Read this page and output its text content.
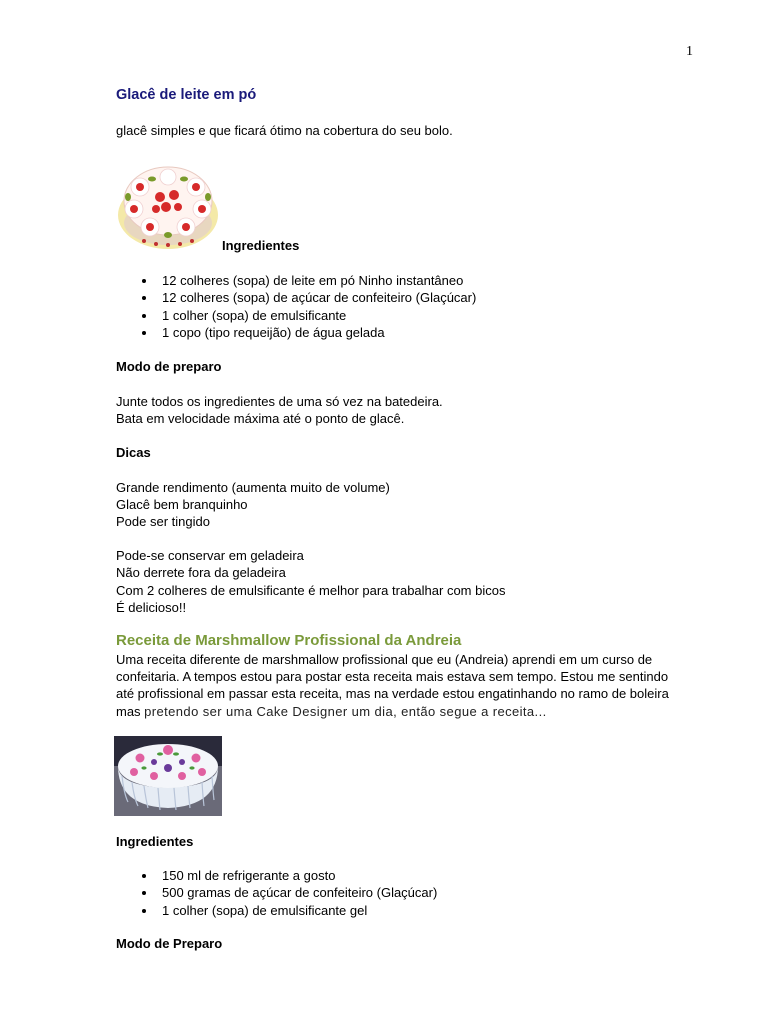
1
Glacê de leite em pó
glacê simples e que ficará ótimo na cobertura do seu bolo.
Ingredientes
12 colheres (sopa) de leite em pó Ninho instantâneo
12 colheres (sopa) de açúcar de confeiteiro (Glaçúcar)
1 colher (sopa) de emulsificante
1 copo (tipo requeijão) de água gelada
Modo de preparo
Junte todos os ingredientes de uma só vez na batedeira.
Bata em velocidade máxima até o ponto de glacê.
Dicas
Grande rendimento (aumenta muito de volume)
Glacê bem branquinho
Pode ser tingido
Pode-se conservar em geladeira
Não derrete fora da geladeira
Com 2 colheres de emulsificante é melhor para trabalhar com bicos
É delicioso!!
Receita de Marshmallow Profissional da Andreia
Uma receita diferente de marshmallow profissional que eu (Andreia) aprendi em um curso de
confeitaria. A tempos estou para postar esta receita mais estava sem tempo. Estou me sentindo
até profissional em passar esta receita, mas na verdade estou engatinhando no ramo de boleira
mas pretendo ser uma Cake Designer um dia, então segue a receita...
Ingredientes
150 ml de refrigerante a gosto
500 gramas de açúcar de confeiteiro (Glaçúcar)
1 colher (sopa) de emulsificante gel
Modo de Preparo
